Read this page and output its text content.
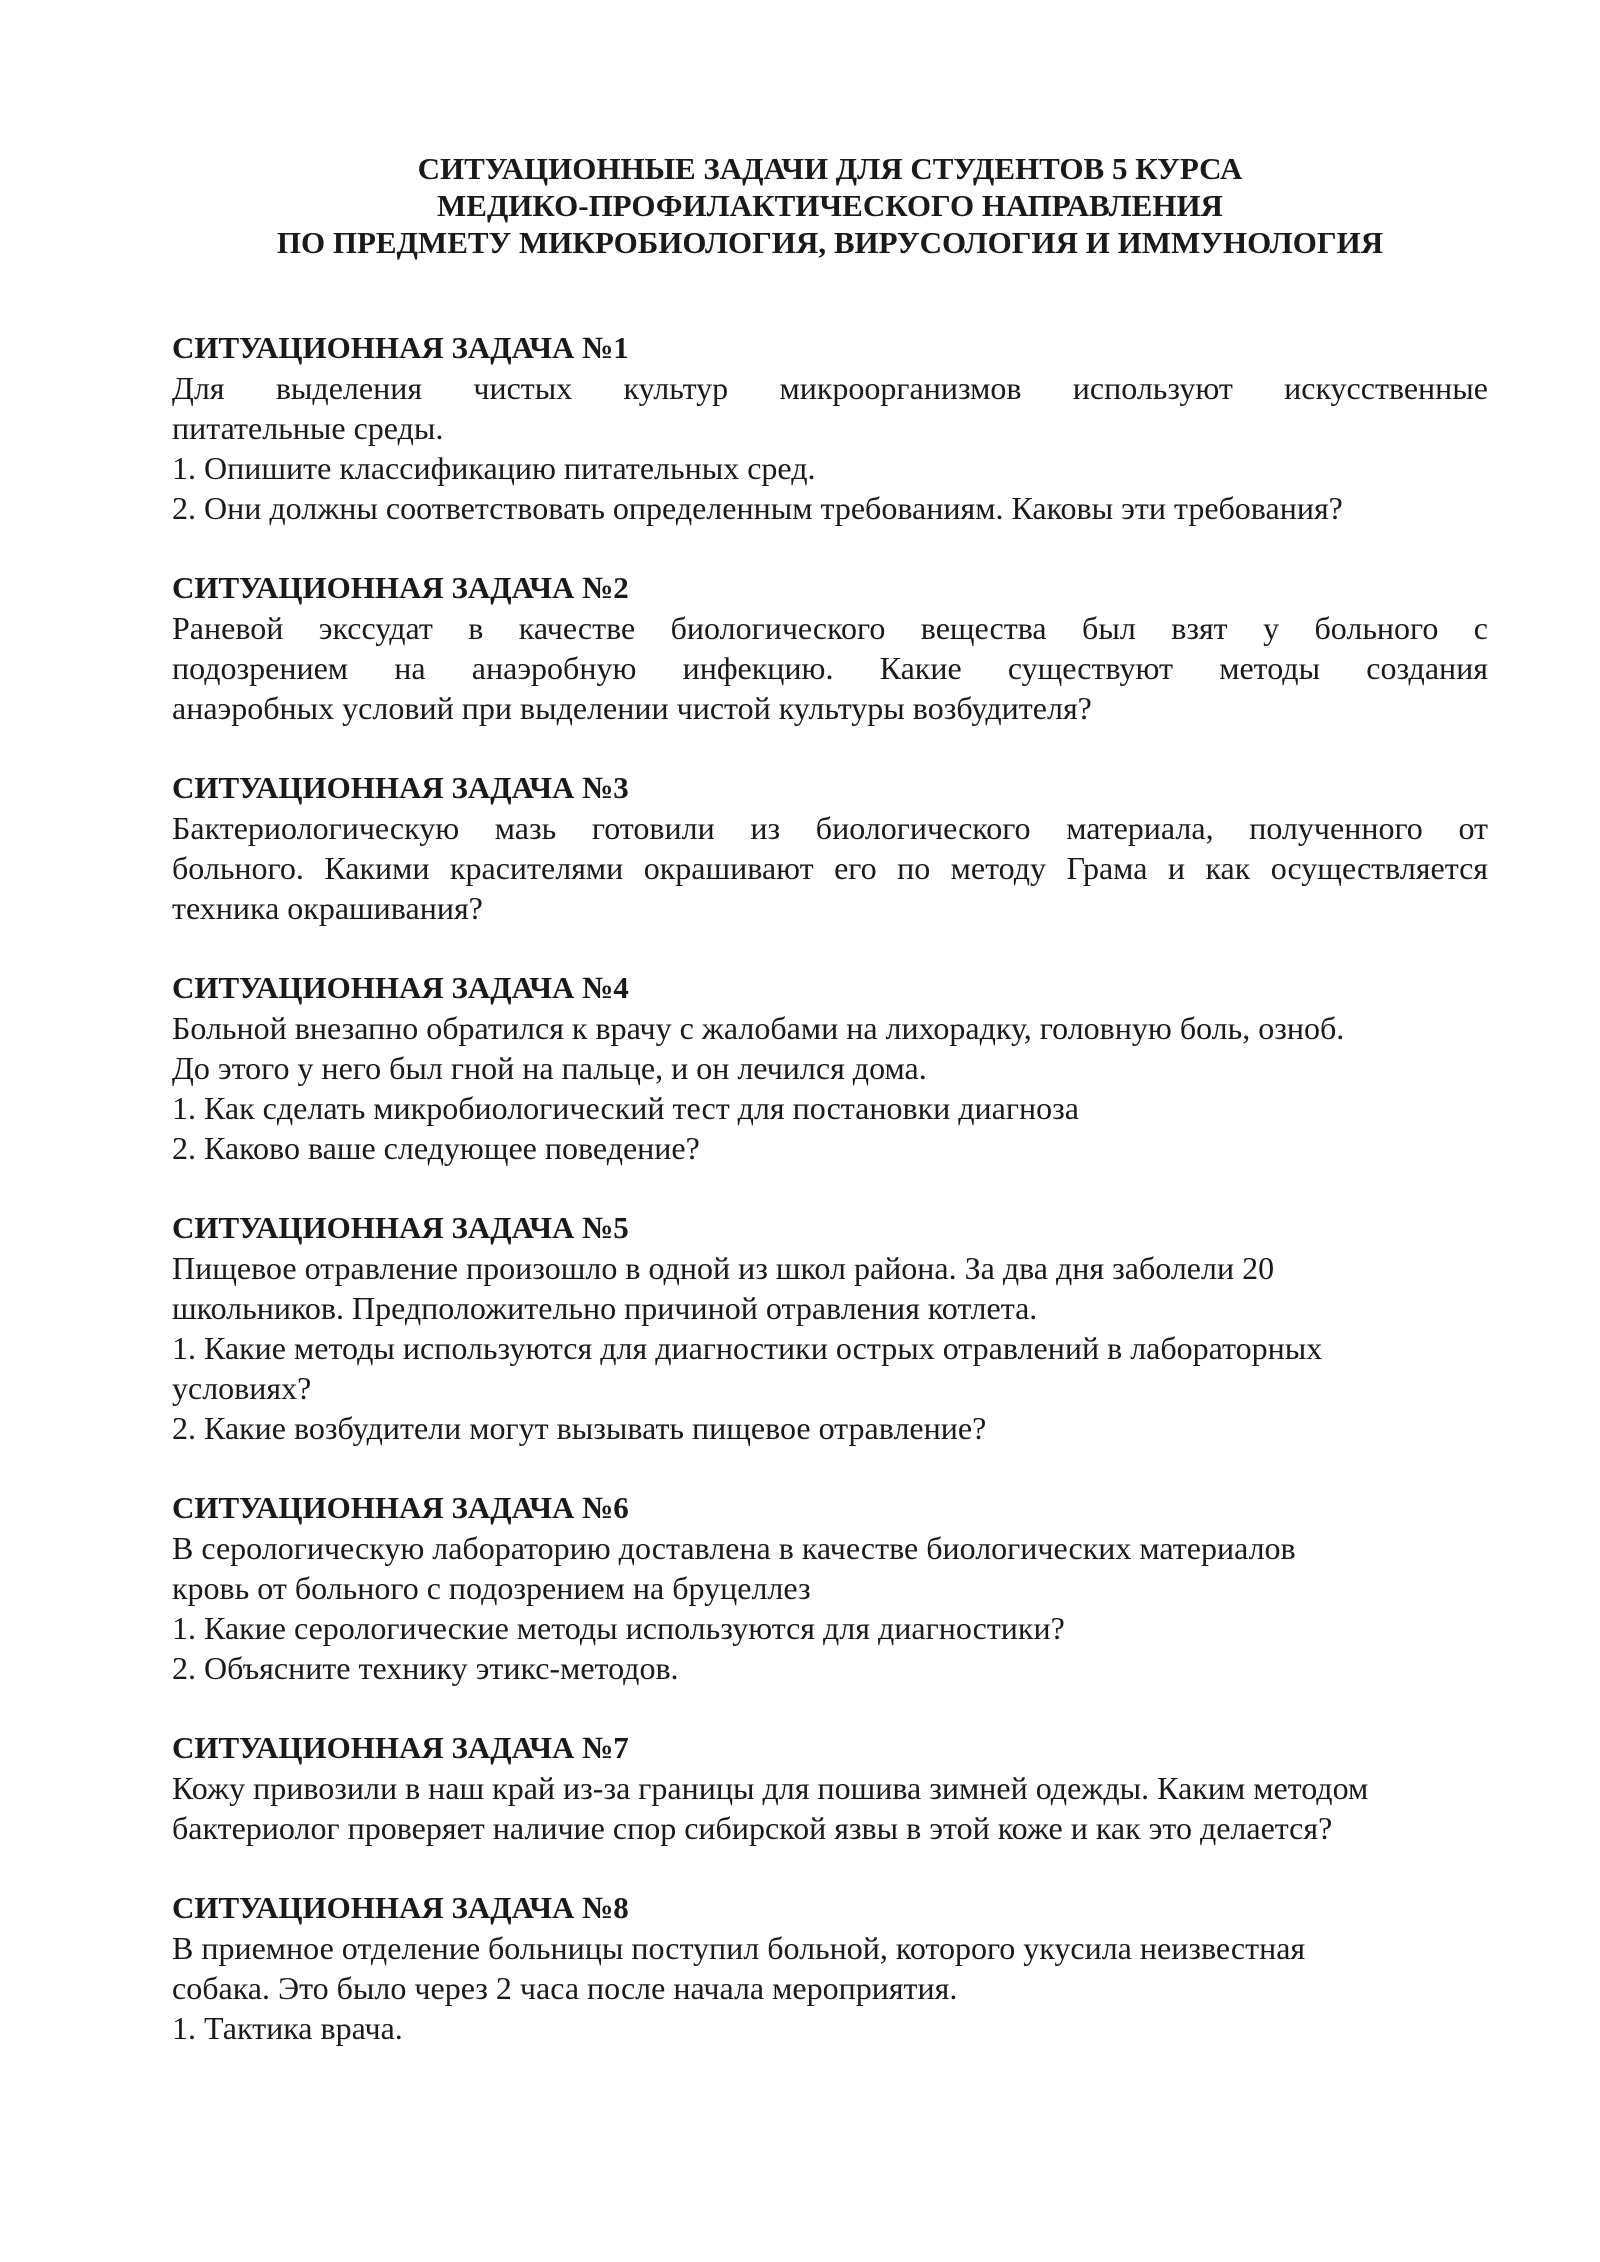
СИТУАЦИОННЫЕ ЗАДАЧИ ДЛЯ СТУДЕНТОВ 5 КУРСА
МЕДИКО-ПРОФИЛАКТИЧЕСКОГО НАПРАВЛЕНИЯ
ПО ПРЕДМЕТУ МИКРОБИОЛОГИЯ, ВИРУСОЛОГИЯ И ИММУНОЛОГИЯ

СИТУАЦИОННАЯ ЗАДАЧА №1

Для выделения чистых культур микроорганизмов используют искусственные

питательные среды.

1. Опишите классификацию питательных сред.

2. Они должны соответствовать определенным требованиям. Каковы эти требования?

СИТУАЦИОННАЯ ЗАДАЧА №2

Раневой экссудат в качестве биологического вещества был взят у больного с

подозрением на анаэробную инфекцию. Какие существуют методы создания

анаэробных условий при выделении чистой культуры возбудителя?

СИТУАЦИОННАЯ ЗАДАЧА №3

Бактериологическую мазь готовили из биологического материала, полученного от

больного. Какими красителями окрашивают его по методу Грама и как осуществляется

техника окрашивания?

СИТУАЦИОННАЯ ЗАДАЧА №4

Больной внезапно обратился к врачу с жалобами на лихорадку, головную боль, озноб.

До этого у него был гной на пальце, и он лечился дома.

1. Как сделать микробиологический тест для постановки диагноза

2. Каково ваше следующее поведение?

СИТУАЦИОННАЯ ЗАДАЧА №5

Пищевое отравление произошло в одной из школ района. За два дня заболели 20

школьников. Предположительно причиной отравления котлета.

1. Какие методы используются для диагностики острых отравлений в лабораторных

условиях?

2. Какие возбудители могут вызывать пищевое отравление?

СИТУАЦИОННАЯ ЗАДАЧА №6

В серологическую лабораторию доставлена в качестве биологических материалов

кровь от больного с подозрением на бруцеллез

1. Какие серологические методы используются для диагностики?

2. Объясните технику этикс-методов.

СИТУАЦИОННАЯ ЗАДАЧА №7

Кожу привозили в наш край из-за границы для пошива зимней одежды. Каким методом

бактериолог проверяет наличие спор сибирской язвы в этой коже и как это делается?

СИТУАЦИОННАЯ ЗАДАЧА №8

В приемное отделение больницы поступил больной, которого укусила неизвестная

собака. Это было через 2 часа после начала мероприятия.

1. Тактика врача.
